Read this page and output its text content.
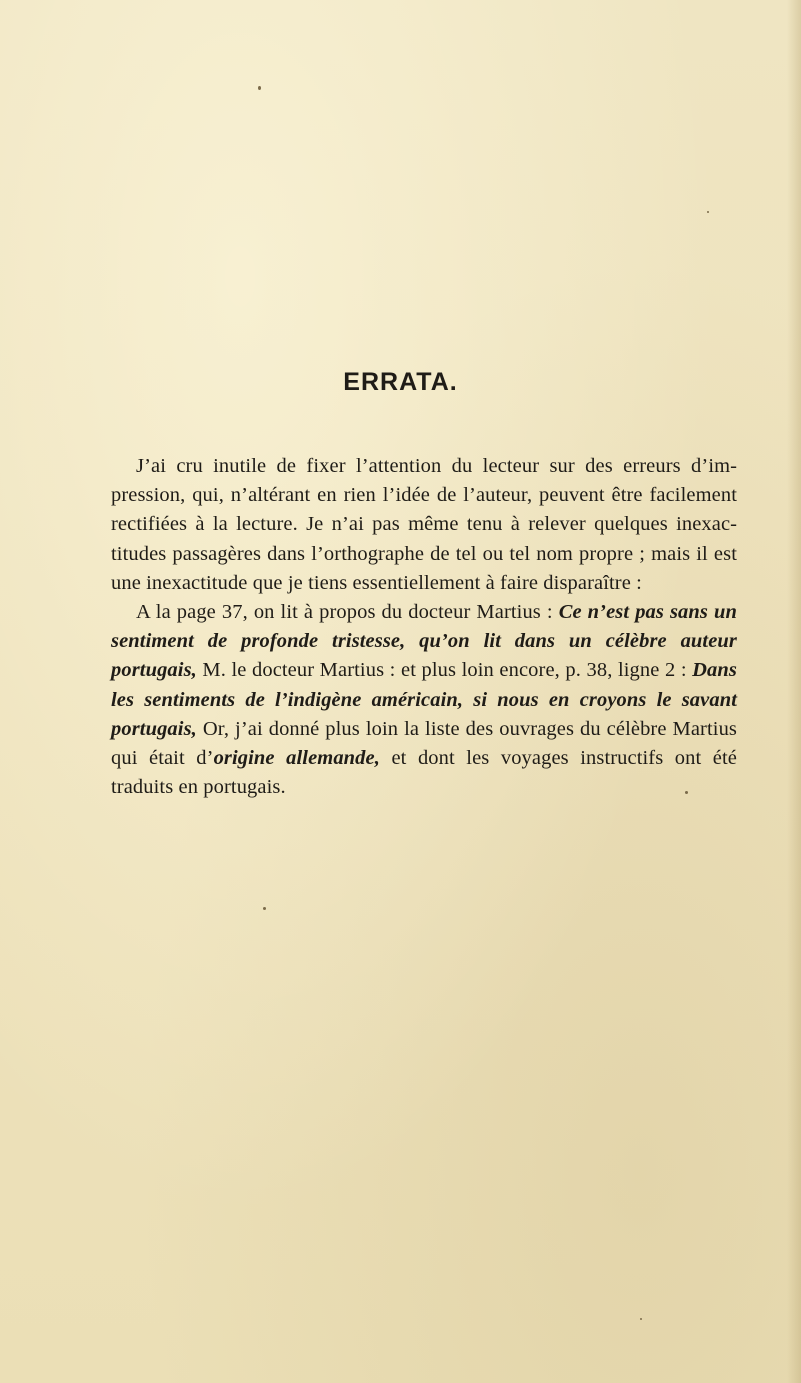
ERRATA.

J’ai cru inutile de fixer l’attention du lecteur sur des erreurs d’impression, qui, n’altérant en rien l’idée de l’auteur, peuvent être facilement rectifiées à la lecture. Je n’ai pas même tenu à relever quelques inexactitudes passagères dans l’orthographe de tel ou tel nom propre ; mais il est une inexactitude que je tiens essentiellement à faire disparaître :

A la page 37, on lit à propos du docteur Martius : Ce n’est pas sans un sentiment de profonde tristesse, qu’on lit dans un célèbre auteur portugais, M. le docteur Martius : et plus loin encore, p. 38, ligne 2 : Dans les sentiments de l’indigène américain, si nous en croyons le savant portugais, Or, j’ai donné plus loin la liste des ouvrages du célèbre Martius qui était d’origine allemande, et dont les voyages instructifs ont été traduits en portugais.
